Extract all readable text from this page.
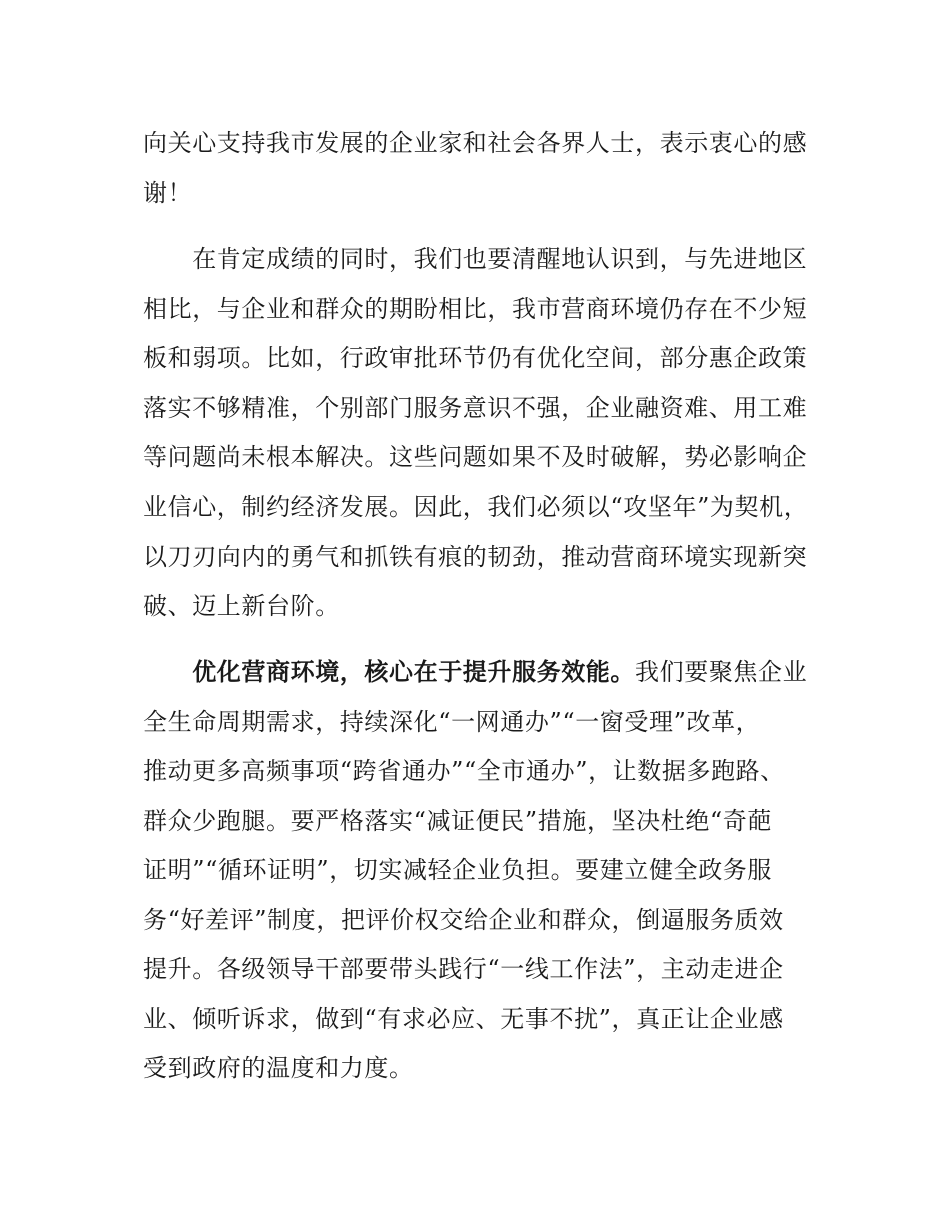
向关心支持我市发展的企业家和社会各界人士，表示衷心的感
谢！
　　在肯定成绩的同时，我们也要清醒地认识到，与先进地区
相比，与企业和群众的期盼相比，我市营商环境仍存在不少短
板和弱项。比如，行政审批环节仍有优化空间，部分惠企政策
落实不够精准，个别部门服务意识不强，企业融资难、用工难
等问题尚未根本解决。这些问题如果不及时破解，势必影响企
业信心，制约经济发展。因此，我们必须以“攻坚年”为契机，
以刀刃向内的勇气和抓铁有痕的韧劲，推动营商环境实现新突
破、迈上新台阶。
　　优化营商环境，核心在于提升服务效能。我们要聚焦企业
全生命周期需求，持续深化“一网通办”“一窗受理”改革，
推动更多高频事项“跨省通办”“全市通办”，让数据多跑路、
群众少跑腿。要严格落实“减证便民”措施，坚决杜绝“奇葩
证明”“循环证明”，切实减轻企业负担。要建立健全政务服
务“好差评”制度，把评价权交给企业和群众，倒逼服务质效
提升。各级领导干部要带头践行“一线工作法”，主动走进企
业、倾听诉求，做到“有求必应、无事不扰”，真正让企业感
受到政府的温度和力度。
